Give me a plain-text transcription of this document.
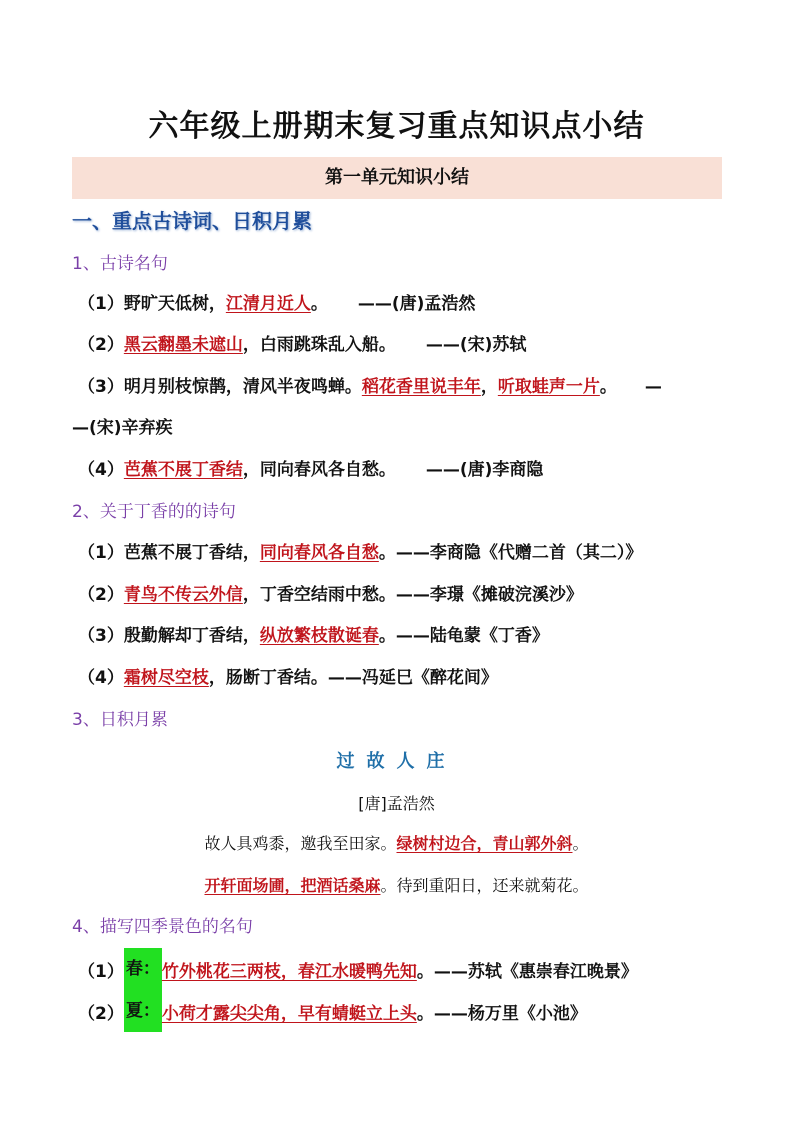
六年级上册期末复习重点知识点小结
第一单元知识小结
一、重点古诗词、日积月累
1、古诗名句
（1）野旷天低树，江清月近人。 ——(唐)孟浩然
（2）黑云翻墨未遮山，白雨跳珠乱入船。 ——(宋)苏轼
（3）明月别枝惊鹊，清风半夜鸣蝉。稻花香里说丰年，听取蛙声一片。 —
—(宋)辛弃疾
（4）芭蕉不展丁香结，同向春风各自愁。 ——(唐)李商隐
2、关于丁香的的诗句
（1）芭蕉不展丁香结，同向春风各自愁。——李商隐《代赠二首（其二）》
（2）青鸟不传云外信，丁香空结雨中愁。——李璟《摊破浣溪沙》
（3）殷勤解却丁香结，纵放繁枝散诞春。——陆龟蒙《丁香》
（4）霜树尽空枝，肠断丁香结。——冯延巳《醉花间》
3、日积月累
过故人庄
[唐]孟浩然
故人具鸡黍，邀我至田家。绿树村边合，青山郭外斜。
开轩面场圃，把酒话桑麻。待到重阳日，还来就菊花。
4、描写四季景色的名句
（1） 春： 竹外桃花三两枝，春江水暖鸭先知。——苏轼《惠崇春江晚景》
（2） 夏： 小荷才露尖尖角，早有蜻蜓立上头。——杨万里《小池》
